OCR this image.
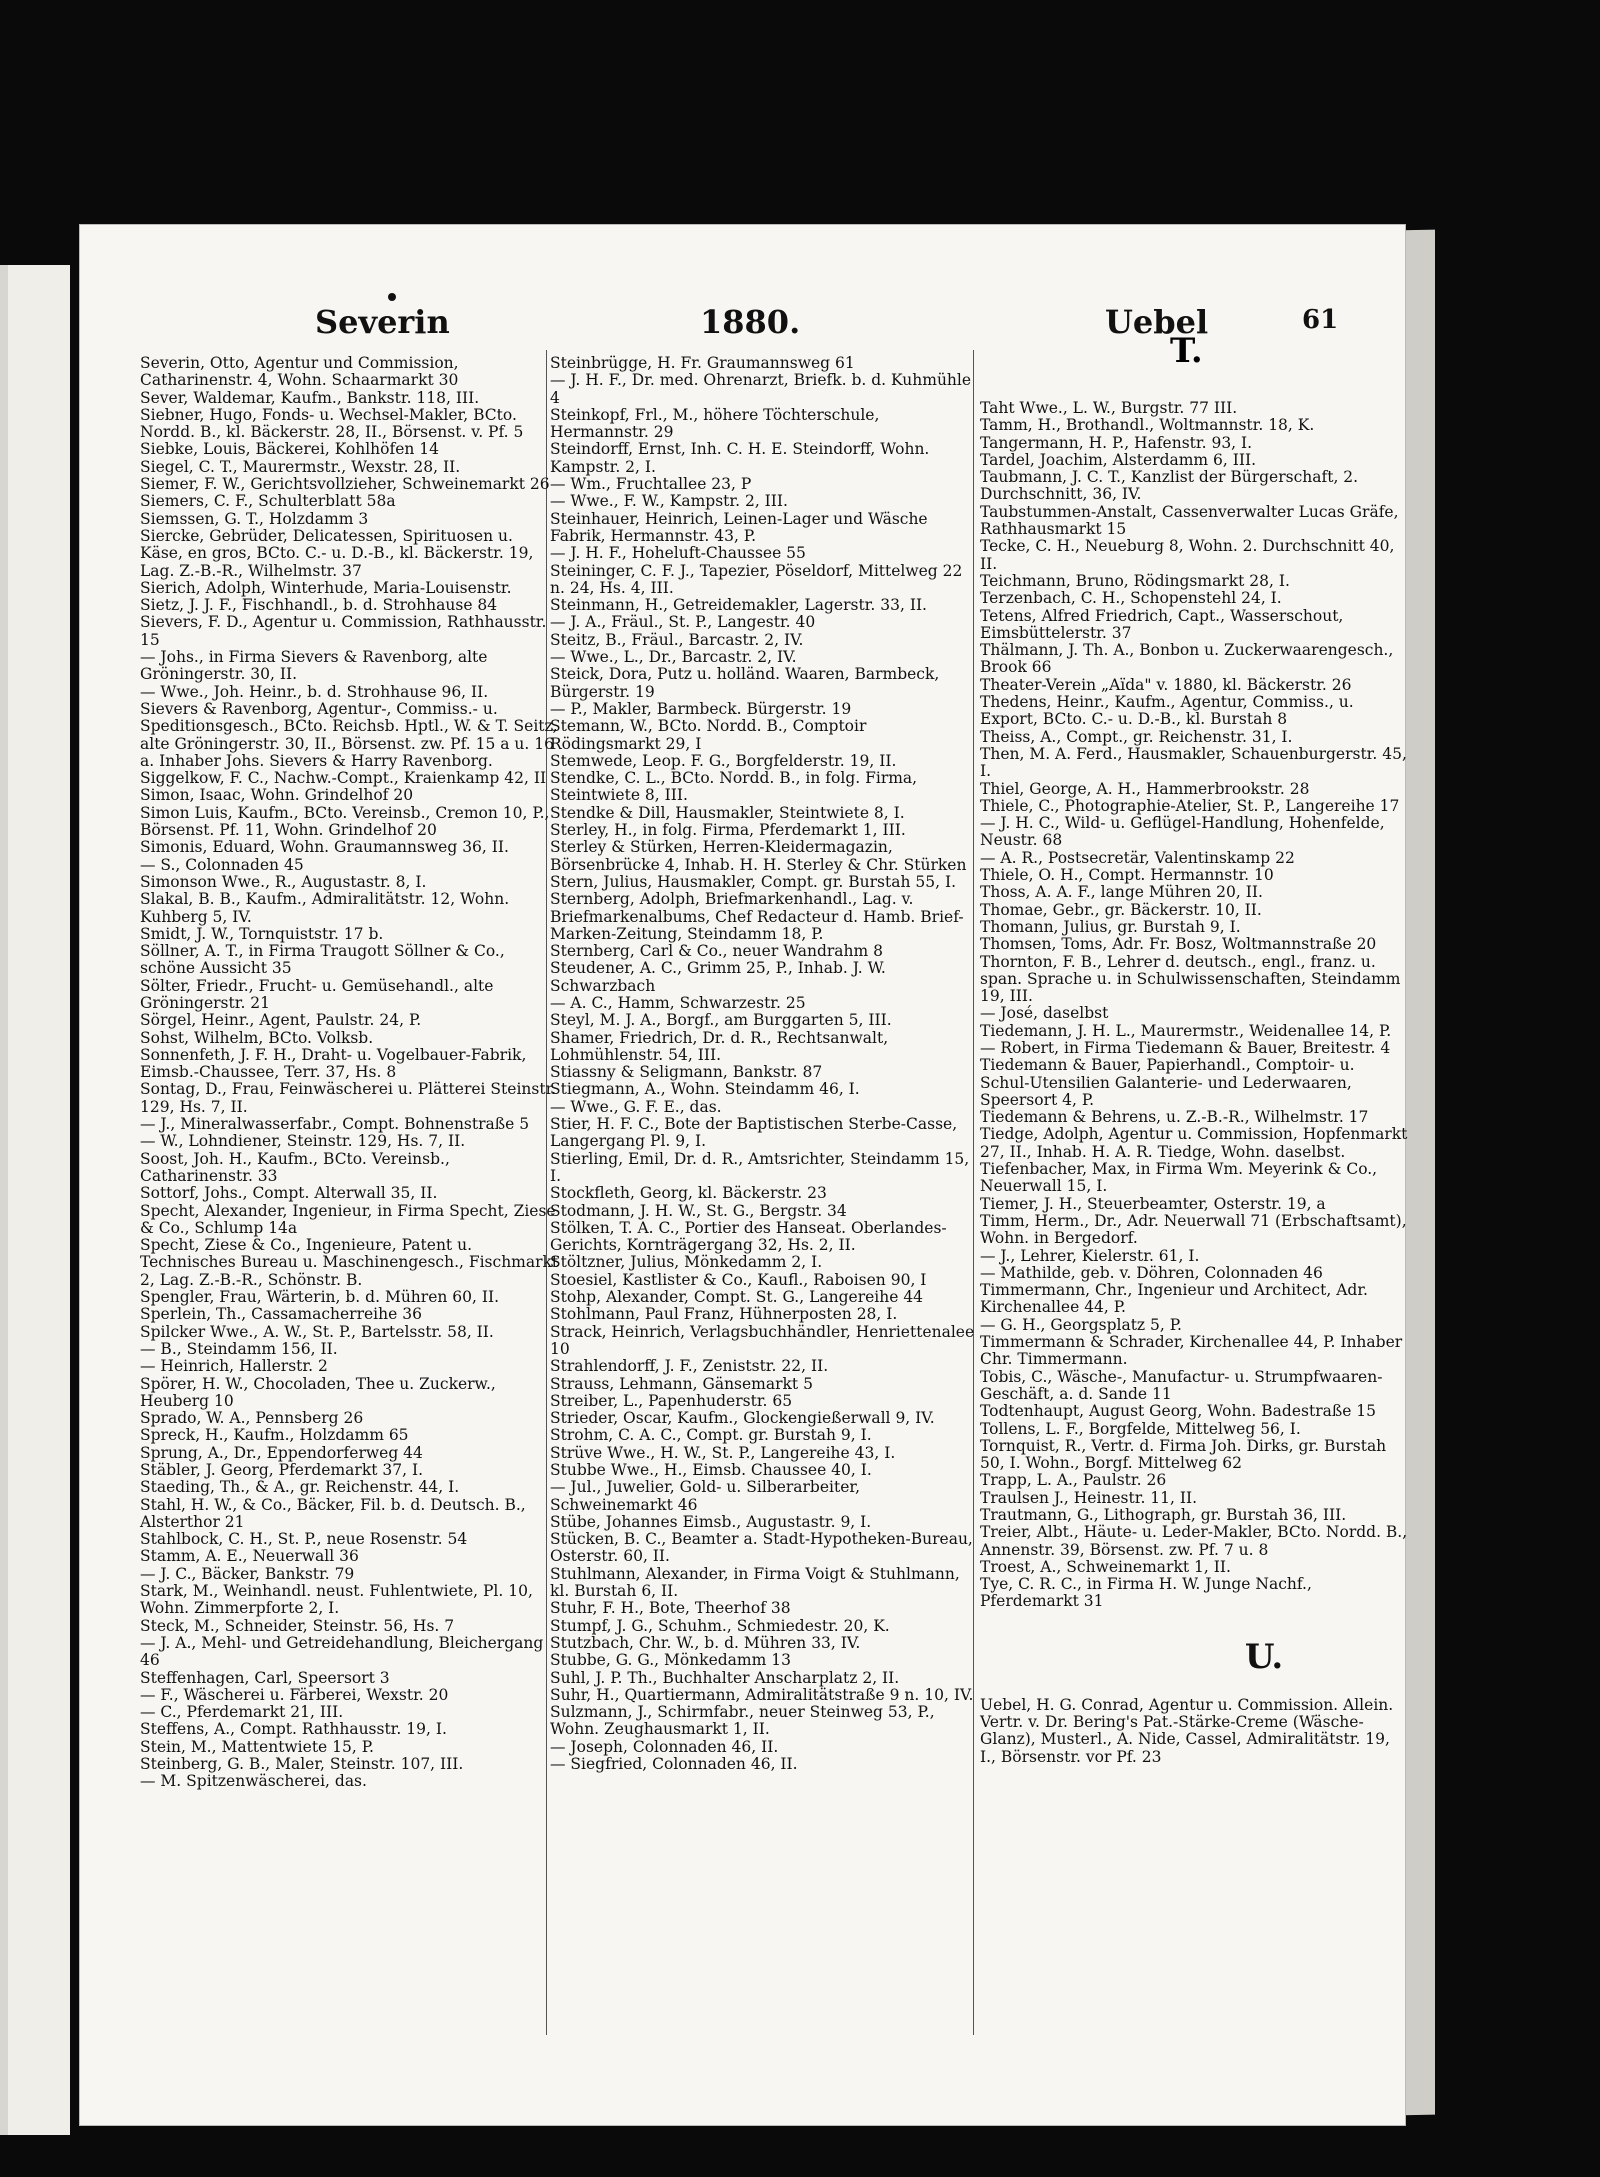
Severin	1880.	Uebel	61

Severin, Otto, Agentur und Commission, Catharinenstr. 4, Wohn. Schaarmarkt 30

Sever, Waldemar, Kaufm., Bankstr. 118, III.

Siebner, Hugo, Fonds- u. Wechsel-Makler, BCto. Nordd. B., kl. Bäckerstr. 28, II., Börsenst. v. Pf. 5

Siebke, Louis, Bäckerei, Kohlhöfen 14

Siegel, C. T., Maurermstr., Wexstr. 28, II.

Siemer, F. W., Gerichtsvollzieher, Schweinemarkt 26

Siemers, C. F., Schulterblatt 58a

Siemssen, G. T., Holzdamm 3

Siercke, Gebrüder, Delicatessen, Spirituosen u. Käse, en gros, BCto. C.- u. D.-B., kl. Bäckerstr. 19, Lag. Z.-B.-R., Wilhelmstr. 37

Sierich, Adolph, Winterhude, Maria-Louisenstr.

Sietz, J. J. F., Fischhandl., b. d. Strohhause 84

Sievers, F. D., Agentur u. Commission, Rathhausstr. 15

— Johs., in Firma Sievers & Ravenborg, alte Gröningerstr. 30, II.

— Wwe., Joh. Heinr., b. d. Strohhause 96, II.

Sievers & Ravenborg, Agentur-, Commiss.- u. Speditionsgesch., BCto. Reichsb. Hptl., W. & T. Seitz, alte Gröningerstr. 30, II., Börsenst. zw. Pf. 15 a u. 16 a. Inhaber Johs. Sievers & Harry Ravenborg.

Siggelkow, F. C., Nachw.-Compt., Kraienkamp 42, II

Simon, Isaac, Wohn. Grindelhof 20

Simon Luis, Kaufm., BCto. Vereinsb., Cremon 10, P., Börsenst. Pf. 11, Wohn. Grindelhof 20

Simonis, Eduard, Wohn. Graumannsweg 36, II.

— S., Colonnaden 45

Simonson Wwe., R., Augustastr. 8, I.

Slakal, B. B., Kaufm., Admiralitätstr. 12, Wohn. Kuhberg 5, IV.

Smidt, J. W., Tornquiststr. 17 b.

Söllner, A. T., in Firma Traugott Söllner & Co., schöne Aussicht 35

Sölter, Friedr., Frucht- u. Gemüsehandl., alte Gröningerstr. 21

Sörgel, Heinr., Agent, Paulstr. 24, P.

Sohst, Wilhelm, BCto. Volksb.

Sonnenfeth, J. F. H., Draht- u. Vogelbauer-Fabrik, Eimsb.-Chaussee, Terr. 37, Hs. 8

Sontag, D., Frau, Feinwäscherei u. Plätterei Steinstr. 129, Hs. 7, II.

— J., Mineralwasserfabr., Compt. Bohnenstraße 5

— W., Lohndiener, Steinstr. 129, Hs. 7, II.

Soost, Joh. H., Kaufm., BCto. Vereinsb., Catharinenstr. 33

Sottorf, Johs., Compt. Alterwall 35, II.

Specht, Alexander, Ingenieur, in Firma Specht, Ziese & Co., Schlump 14a

Specht, Ziese & Co., Ingenieure, Patent u. Technisches Bureau u. Maschinengesch., Fischmarkt 2, Lag. Z.-B.-R., Schönstr. B.

Spengler, Frau, Wärterin, b. d. Mühren 60, II.

Sperlein, Th., Cassamacherreihe 36

Spilcker Wwe., A. W., St. P., Bartelsstr. 58, II.

— B., Steindamm 156, II.

— Heinrich, Hallerstr. 2

Spörer, H. W., Chocoladen, Thee u. Zuckerw., Heuberg 10

Sprado, W. A., Pennsberg 26

Spreck, H., Kaufm., Holzdamm 65

Sprung, A., Dr., Eppendorferweg 44

Stäbler, J. Georg, Pferdemarkt 37, I.

Staeding, Th., & A., gr. Reichenstr. 44, I.

Stahl, H. W., & Co., Bäcker, Fil. b. d. Deutsch. B., Alsterthor 21

Stahlbock, C. H., St. P., neue Rosenstr. 54

Stamm, A. E., Neuerwall 36

— J. C., Bäcker, Bankstr. 79

Stark, M., Weinhandl. neust. Fuhlentwiete, Pl. 10, Wohn. Zimmerpforte 2, I.

Steck, M., Schneider, Steinstr. 56, Hs. 7

— J. A., Mehl- und Getreidehandlung, Bleichergang 46

Steffenhagen, Carl, Speersort 3

— F., Wäscherei u. Färberei, Wexstr. 20

— C., Pferdemarkt 21, III.

Steffens, A., Compt. Rathhausstr. 19, I.

Stein, M., Mattentwiete 15, P.

Steinberg, G. B., Maler, Steinstr. 107, III.

— M. Spitzenwäscherei, das.

Steinbrügge, H. Fr. Graumannsweg 61

— J. H. F., Dr. med. Ohrenarzt, Briefk. b. d. Kuhmühle 4

Steinkopf, Frl., M., höhere Töchterschule, Hermannstr. 29

Steindorff, Ernst, Inh. C. H. E. Steindorff, Wohn. Kampstr. 2, I.

— Wm., Fruchtallee 23, P

— Wwe., F. W., Kampstr. 2, III.

Steinhauer, Heinrich, Leinen-Lager und Wäsche Fabrik, Hermannstr. 43, P.

— J. H. F., Hoheluft-Chaussee 55

Steininger, C. F. J., Tapezier, Pöseldorf, Mittelweg 22 n. 24, Hs. 4, III.

Steinmann, H., Getreidemakler, Lagerstr. 33, II.

— J. A., Fräul., St. P., Langestr. 40

Steitz, B., Fräul., Barcastr. 2, IV.

— Wwe., L., Dr., Barcastr. 2, IV.

Steick, Dora, Putz u. holländ. Waaren, Barmbeck, Bürgerstr. 19

— P., Makler, Barmbeck. Bürgerstr. 19

Stemann, W., BCto. Nordd. B., Comptoir Rödingsmarkt 29, I

Stemwede, Leop. F. G., Borgfelderstr. 19, II.

Stendke, C. L., BCto. Nordd. B., in folg. Firma, Steintwiete 8, III.

Stendke & Dill, Hausmakler, Steintwiete 8, I.

Sterley, H., in folg. Firma, Pferdemarkt 1, III.

Sterley & Stürken, Herren-Kleidermagazin, Börsenbrücke 4, Inhab. H. H. Sterley & Chr. Stürken

Stern, Julius, Hausmakler, Compt. gr. Burstah 55, I.

Sternberg, Adolph, Briefmarkenhandl., Lag. v. Briefmarkenalbums, Chef Redacteur d. Hamb. Brief-Marken-Zeitung, Steindamm 18, P.

Sternberg, Carl & Co., neuer Wandrahm 8

Steudener, A. C., Grimm 25, P., Inhab. J. W. Schwarzbach

— A. C., Hamm, Schwarzestr. 25

Steyl, M. J. A., Borgf., am Burggarten 5, III.

Shamer, Friedrich, Dr. d. R., Rechtsanwalt, Lohmühlenstr. 54, III.

Stiassny & Seligmann, Bankstr. 87

Stiegmann, A., Wohn. Steindamm 46, I.

— Wwe., G. F. E., das.

Stier, H. F. C., Bote der Baptistischen Sterbe-Casse, Langergang Pl. 9, I.

Stierling, Emil, Dr. d. R., Amtsrichter, Steindamm 15, I.

Stockfleth, Georg, kl. Bäckerstr. 23

Stodmann, J. H. W., St. G., Bergstr. 34

Stölken, T. A. C., Portier des Hanseat. Oberlandes-Gerichts, Kornträgergang 32, Hs. 2, II.

Stöltzner, Julius, Mönkedamm 2, I.

Stoesiel, Kastlister & Co., Kaufl., Raboisen 90, I

Stohp, Alexander, Compt. St. G., Langereihe 44

Stohlmann, Paul Franz, Hühnerposten 28, I.

Strack, Heinrich, Verlagsbuchhändler, Henriettenalee 10

Strahlendorff, J. F., Zeniststr. 22, II.

Strauss, Lehmann, Gänsemarkt 5

Streiber, L., Papenhuderstr. 65

Strieder, Oscar, Kaufm., Glockengießerwall 9, IV.

Strohm, C. A. C., Compt. gr. Burstah 9, I.

Strüve Wwe., H. W., St. P., Langereihe 43, I.

Stubbe Wwe., H., Eimsb. Chaussee 40, I.

— Jul., Juwelier, Gold- u. Silberarbeiter, Schweinemarkt 46

Stübe, Johannes Eimsb., Augustastr. 9, I.

Stücken, B. C., Beamter a. Stadt-Hypotheken-Bureau, Osterstr. 60, II.

Stuhlmann, Alexander, in Firma Voigt & Stuhlmann, kl. Burstah 6, II.

Stuhr, F. H., Bote, Theerhof 38

Stumpf, J. G., Schuhm., Schmiedestr. 20, K.

Stutzbach, Chr. W., b. d. Mühren 33, IV.

Stubbe, G. G., Mönkedamm 13

Suhl, J. P. Th., Buchhalter Anscharplatz 2, II.

Suhr, H., Quartiermann, Admiralitätstraße 9 n. 10, IV.

Sulzmann, J., Schirmfabr., neuer Steinweg 53, P., Wohn. Zeughausmarkt 1, II.

— Joseph, Colonnaden 46, II.

— Siegfried, Colonnaden 46, II.

T.

Taht Wwe., L. W., Burgstr. 77 III.

Tamm, H., Brothandl., Woltmannstr. 18, K.

Tangermann, H. P., Hafenstr. 93, I.

Tardel, Joachim, Alsterdamm 6, III.

Taubmann, J. C. T., Kanzlist der Bürgerschaft, 2. Durchschnitt, 36, IV.

Taubstummen-Anstalt, Cassenverwalter Lucas Gräfe, Rathhausmarkt 15

Tecke, C. H., Neueburg 8, Wohn. 2. Durchschnitt 40, II.

Teichmann, Bruno, Rödingsmarkt 28, I.

Terzenbach, C. H., Schopenstehl 24, I.

Tetens, Alfred Friedrich, Capt., Wasserschout, Eimsbüttelerstr. 37

Thälmann, J. Th. A., Bonbon u. Zuckerwaarengesch., Brook 66

Theater-Verein „Aïda" v. 1880, kl. Bäckerstr. 26

Thedens, Heinr., Kaufm., Agentur, Commiss., u. Export, BCto. C.- u. D.-B., kl. Burstah 8

Theiss, A., Compt., gr. Reichenstr. 31, I.

Then, M. A. Ferd., Hausmakler, Schauenburgerstr. 45, I.

Thiel, George, A. H., Hammerbrookstr. 28

Thiele, C., Photographie-Atelier, St. P., Langereihe 17

— J. H. C., Wild- u. Geflügel-Handlung, Hohenfelde, Neustr. 68

— A. R., Postsecretär, Valentinskamp 22

Thiele, O. H., Compt. Hermannstr. 10

Thoss, A. A. F., lange Mühren 20, II.

Thomae, Gebr., gr. Bäckerstr. 10, II.

Thomann, Julius, gr. Burstah 9, I.

Thomsen, Toms, Adr. Fr. Bosz, Woltmannstraße 20

Thornton, F. B., Lehrer d. deutsch., engl., franz. u. span. Sprache u. in Schulwissenschaften, Steindamm 19, III.

— José, daselbst

Tiedemann, J. H. L., Maurermstr., Weidenallee 14, P.

— Robert, in Firma Tiedemann & Bauer, Breitestr. 4

Tiedemann & Bauer, Papierhandl., Comptoir- u. Schul-Utensilien Galanterie- und Lederwaaren, Speersort 4, P.

Tiedemann & Behrens, u. Z.-B.-R., Wilhelmstr. 17

Tiedge, Adolph, Agentur u. Commission, Hopfenmarkt 27, II., Inhab. H. A. R. Tiedge, Wohn. daselbst.

Tiefenbacher, Max, in Firma Wm. Meyerink & Co., Neuerwall 15, I.

Tiemer, J. H., Steuerbeamter, Osterstr. 19, a

Timm, Herm., Dr., Adr. Neuerwall 71 (Erbschaftsamt), Wohn. in Bergedorf.

— J., Lehrer, Kielerstr. 61, I.

— Mathilde, geb. v. Döhren, Colonnaden 46

Timmermann, Chr., Ingenieur und Architect, Adr. Kirchenallee 44, P.

— G. H., Georgsplatz 5, P.

Timmermann & Schrader, Kirchenallee 44, P. Inhaber Chr. Timmermann.

Tobis, C., Wäsche-, Manufactur- u. Strumpfwaaren-Geschäft, a. d. Sande 11

Todtenhaupt, August Georg, Wohn. Badestraße 15

Tollens, L. F., Borgfelde, Mittelweg 56, I.

Tornquist, R., Vertr. d. Firma Joh. Dirks, gr. Burstah 50, I. Wohn., Borgf. Mittelweg 62

Trapp, L. A., Paulstr. 26

Traulsen J., Heinestr. 11, II.

Trautmann, G., Lithograph, gr. Burstah 36, III.

Treier, Albt., Häute- u. Leder-Makler, BCto. Nordd. B., Annenstr. 39, Börsenst. zw. Pf. 7 u. 8

Troest, A., Schweinemarkt 1, II.

Tye, C. R. C., in Firma H. W. Junge Nachf., Pferdemarkt 31

U.

Uebel, H. G. Conrad, Agentur u. Commission. Allein. Vertr. v. Dr. Bering's Pat.-Stärke-Creme (Wäsche-Glanz), Musterl., A. Nide, Cassel, Admiralitätstr. 19, I., Börsenstr. vor Pf. 23
